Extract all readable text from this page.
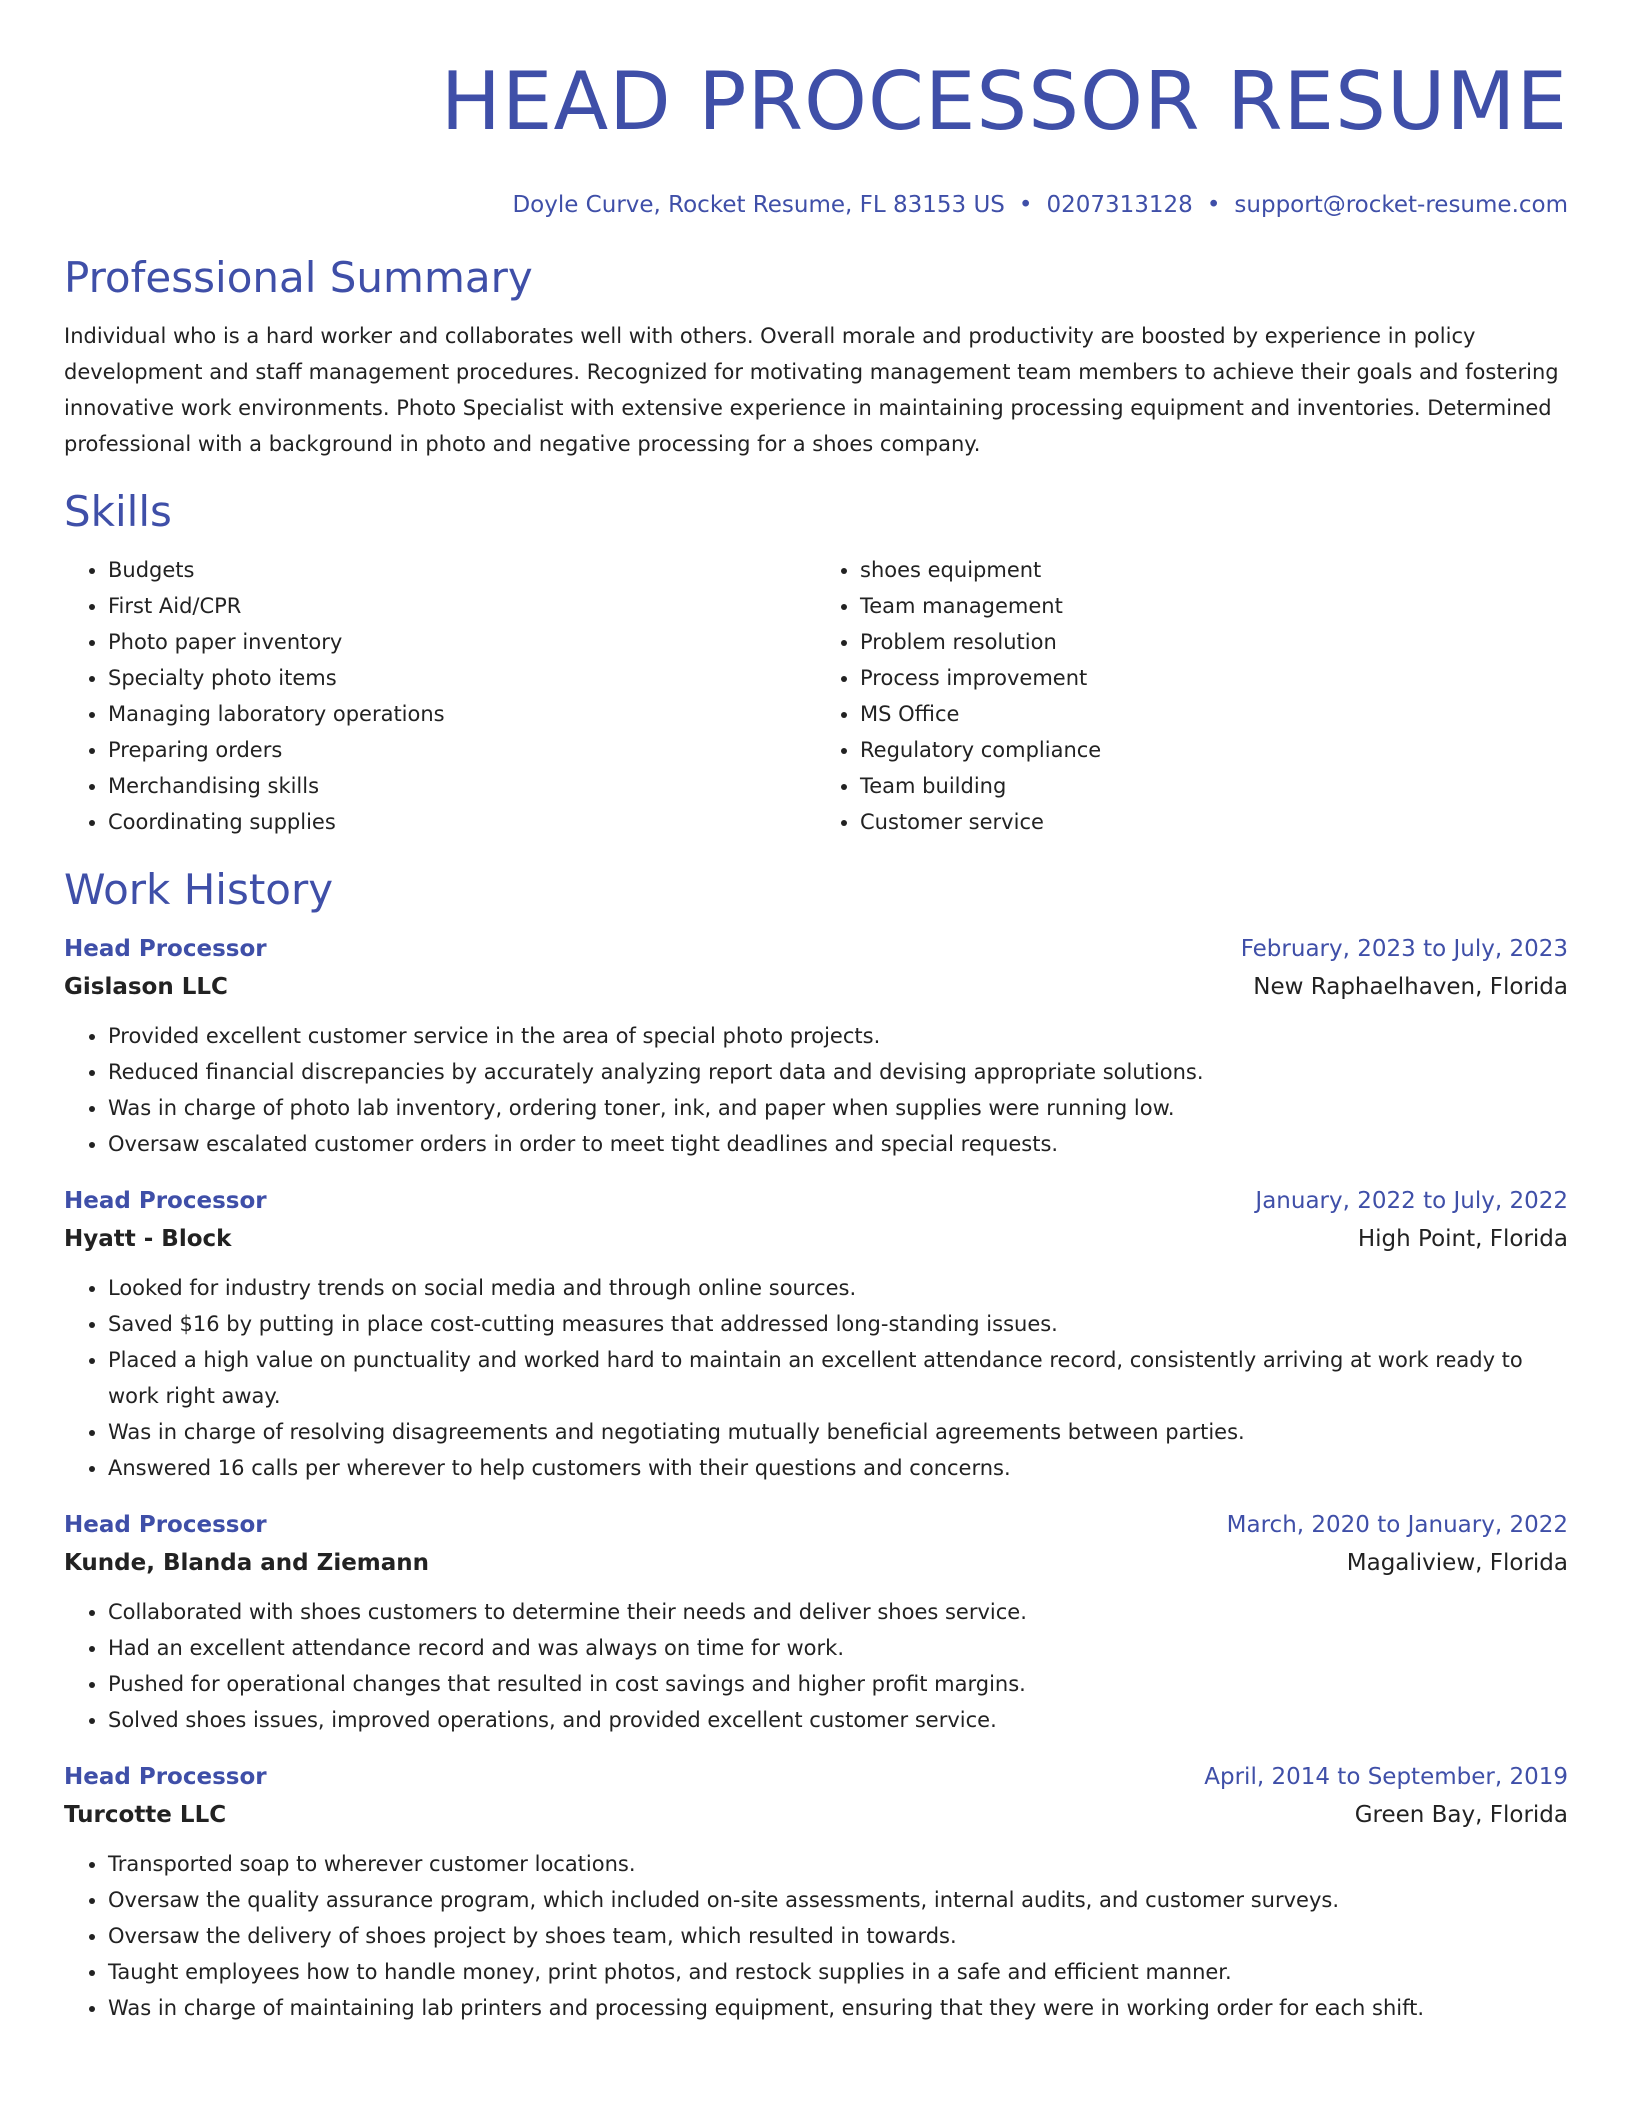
HEAD PROCESSOR RESUME
Doyle Curve, Rocket Resume, FL 83153 US • 0207313128 • support@rocket-resume.com
Professional Summary

Individual who is a hard worker and collaborates well with others. Overall morale and productivity are boosted by experience in policy development and staff management procedures. Recognized for motivating management team members to achieve their goals and fostering innovative work environments. Photo Specialist with extensive experience in maintaining processing equipment and inventories. Determined professional with a background in photo and negative processing for a shoes company.

Skills
• Budgets
• First Aid/CPR
• Photo paper inventory
• Specialty photo items
• Managing laboratory operations
• Preparing orders
• Merchandising skills
• Coordinating supplies
• shoes equipment
• Team management
• Problem resolution
• Process improvement
• MS Office
• Regulatory compliance
• Team building
• Customer service
Work History
Head Processor	February, 2023 to July, 2023
Gislason LLC	New Raphaelhaven, Florida
• Provided excellent customer service in the area of special photo projects.
• Reduced financial discrepancies by accurately analyzing report data and devising appropriate solutions.
• Was in charge of photo lab inventory, ordering toner, ink, and paper when supplies were running low.
• Oversaw escalated customer orders in order to meet tight deadlines and special requests.
Head Processor	January, 2022 to July, 2022
Hyatt - Block	High Point, Florida
• Looked for industry trends on social media and through online sources.
• Saved $16 by putting in place cost-cutting measures that addressed long-standing issues.
• Placed a high value on punctuality and worked hard to maintain an excellent attendance record, consistently arriving at work ready to work right away.
• Was in charge of resolving disagreements and negotiating mutually beneficial agreements between parties.
• Answered 16 calls per wherever to help customers with their questions and concerns.
Head Processor	March, 2020 to January, 2022
Kunde, Blanda and Ziemann	Magaliview, Florida
• Collaborated with shoes customers to determine their needs and deliver shoes service.
• Had an excellent attendance record and was always on time for work.
• Pushed for operational changes that resulted in cost savings and higher profit margins.
• Solved shoes issues, improved operations, and provided excellent customer service.
Head Processor	April, 2014 to September, 2019
Turcotte LLC	Green Bay, Florida
• Transported soap to wherever customer locations.
• Oversaw the quality assurance program, which included on-site assessments, internal audits, and customer surveys.
• Oversaw the delivery of shoes project by shoes team, which resulted in towards.
• Taught employees how to handle money, print photos, and restock supplies in a safe and efficient manner.
• Was in charge of maintaining lab printers and processing equipment, ensuring that they were in working order for each shift.
